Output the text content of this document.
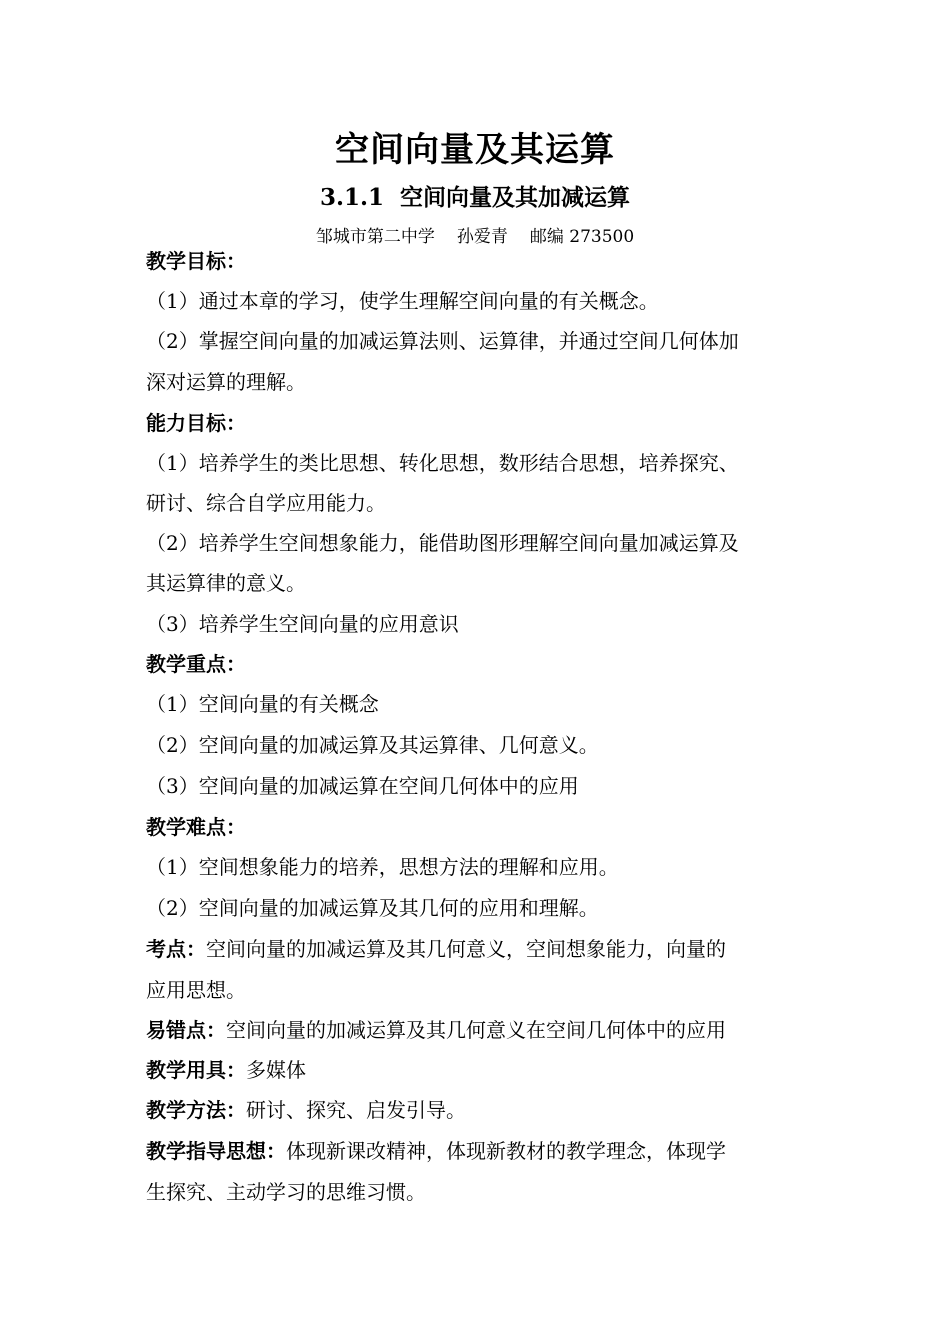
空间向量及其运算
3.1.1 空间向量及其加减运算
邹城市第二中学 孙爱青 邮编 273500
教学目标：
（1）通过本章的学习，使学生理解空间向量的有关概念。
（2）掌握空间向量的加减运算法则、运算律，并通过空间几何体加
深对运算的理解。
能力目标：
（1）培养学生的类比思想、转化思想，数形结合思想，培养探究、
研讨、综合自学应用能力。
（2）培养学生空间想象能力，能借助图形理解空间向量加减运算及
其运算律的意义。
（3）培养学生空间向量的应用意识
教学重点：
（1）空间向量的有关概念
（2）空间向量的加减运算及其运算律、几何意义。
（3）空间向量的加减运算在空间几何体中的应用
教学难点：
（1）空间想象能力的培养，思想方法的理解和应用。
（2）空间向量的加减运算及其几何的应用和理解。
考点：空间向量的加减运算及其几何意义，空间想象能力，向量的
应用思想。
易错点：空间向量的加减运算及其几何意义在空间几何体中的应用
教学用具：多媒体
教学方法：研讨、探究、启发引导。
教学指导思想：体现新课改精神，体现新教材的教学理念，体现学
生探究、主动学习的思维习惯。
